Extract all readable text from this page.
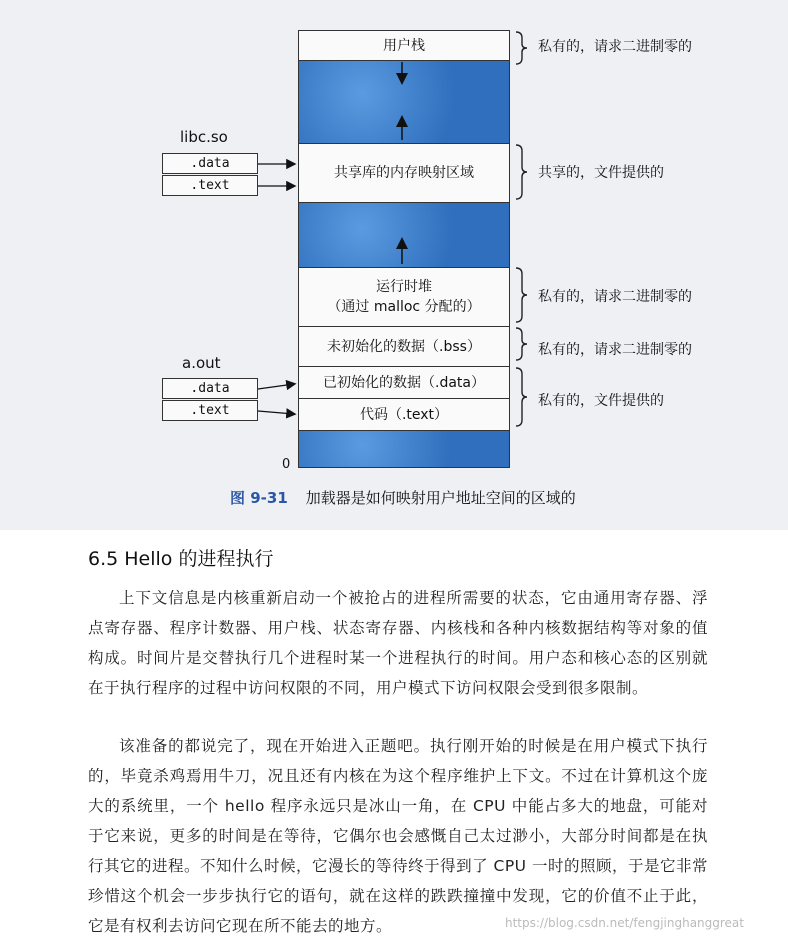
用户栈
共享库的内存映射区域
运行时堆
（通过 malloc 分配的）
未初始化的数据（.bss）
已初始化的数据（.data）
代码（.text）
libc.so
.data
.text
a.out
.data
.text
0
私有的，请求二进制零的
共享的，文件提供的
私有的，请求二进制零的
私有的，请求二进制零的
私有的，文件提供的
图 9-31 加载器是如何映射用户地址空间的区域的
6.5 Hello 的进程执行
上下文信息是内核重新启动一个被抢占的进程所需要的状态，它由通用寄存器、浮点寄存器、程序计数器、用户栈、状态寄存器、内核栈和各种内核数据结构等对象的值构成。时间片是交替执行几个进程时某一个进程执行的时间。用户态和核心态的区别就在于执行程序的过程中访问权限的不同，用户模式下访问权限会受到很多限制。
该准备的都说完了，现在开始进入正题吧。执行刚开始的时候是在用户模式下执行的，毕竟杀鸡焉用牛刀，况且还有内核在为这个程序维护上下文。不过在计算机这个庞大的系统里，一个 hello 程序永远只是冰山一角，在 CPU 中能占多大的地盘，可能对于它来说，更多的时间是在等待，它偶尔也会感慨自己太过渺小，大部分时间都是在执行其它的进程。不知什么时候，它漫长的等待终于得到了 CPU 一时的照顾，于是它非常珍惜这个机会一步步执行它的语句，就在这样的跌跌撞撞中发现，它的价值不止于此，它是有权利去访问它现在所不能去的地方。	https://blog.csdn.net/fengjinghanggreat
